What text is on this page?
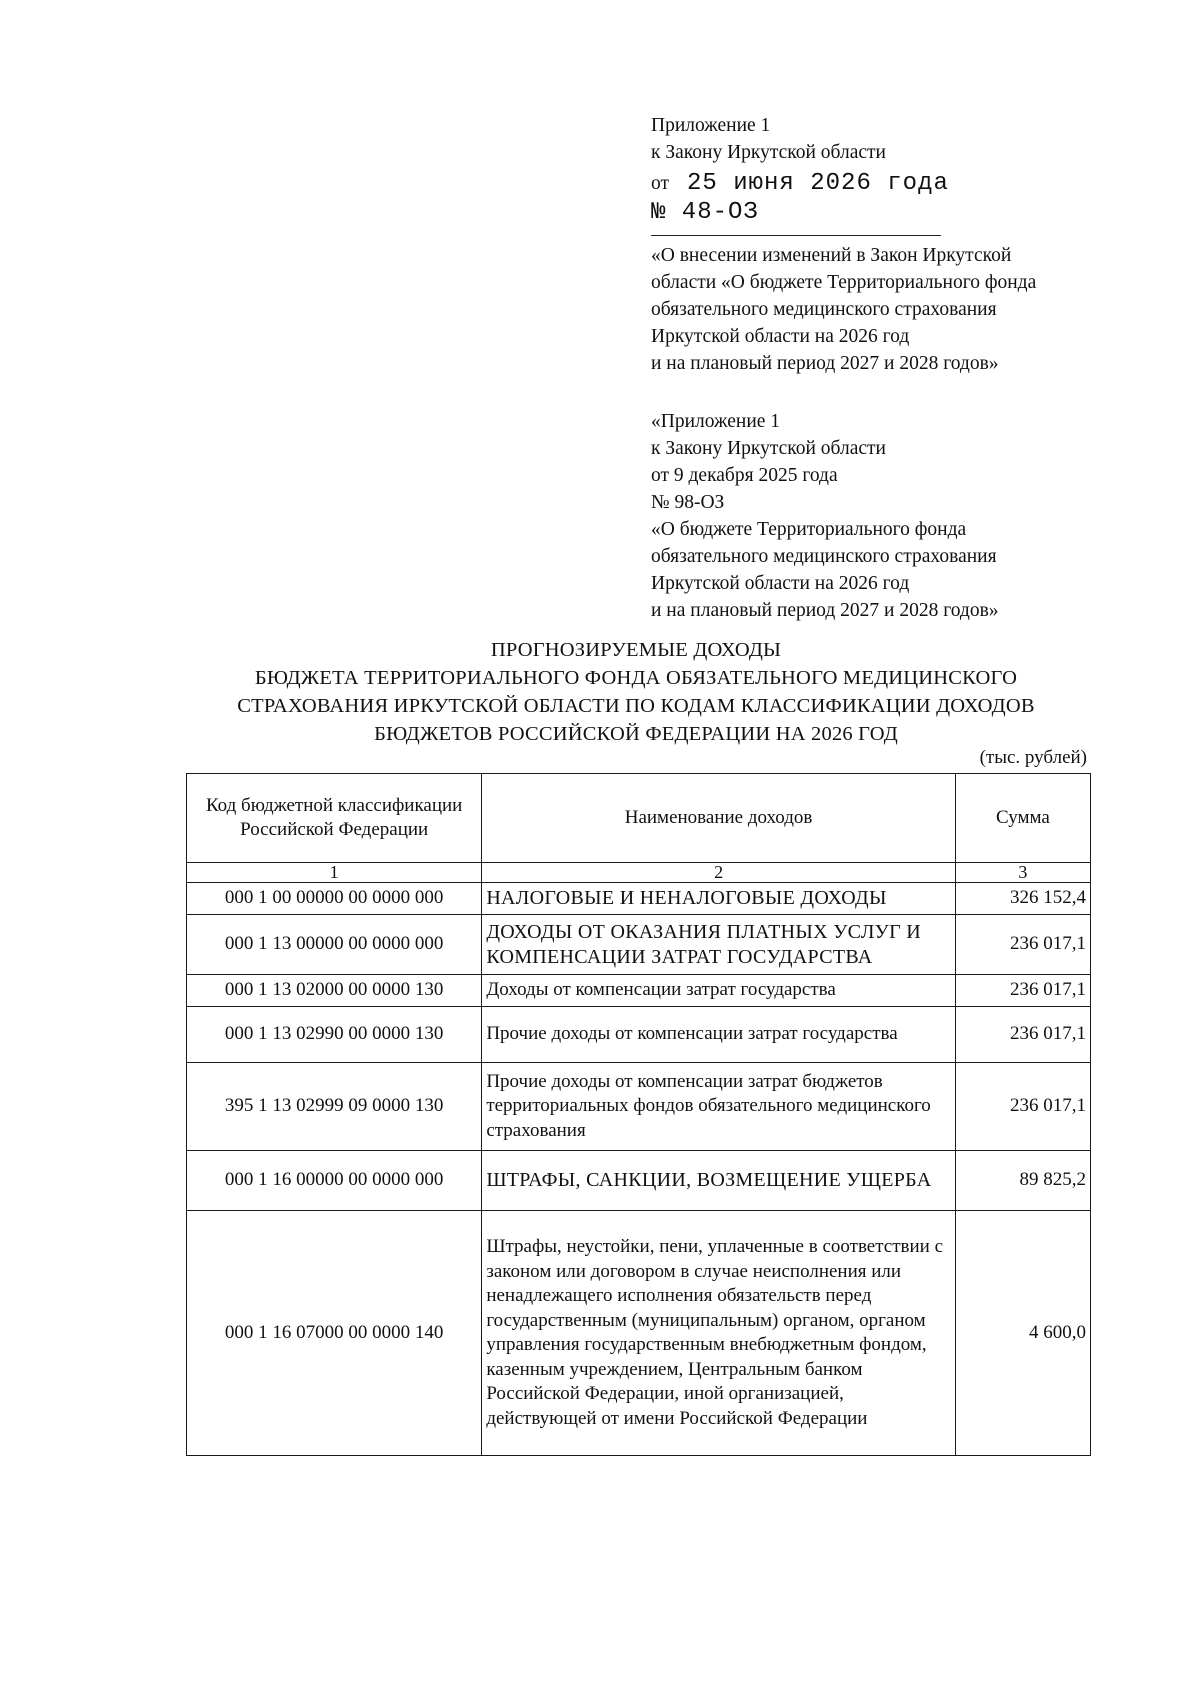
Приложение 1
к Закону Иркутской области
от 25 июня 2026 года
№ 48-ОЗ
«О внесении изменений в Закон Иркутской
области «О бюджете Территориального фонда
обязательного медицинского страхования
Иркутской области на 2026 год
и на плановый период 2027 и 2028 годов»
«Приложение 1
к Закону Иркутской области
от 9 декабря 2025 года
№ 98-ОЗ
«О бюджете Территориального фонда
обязательного медицинского страхования
Иркутской области на 2026 год
и на плановый период 2027 и 2028 годов»
ПРОГНОЗИРУЕМЫЕ ДОХОДЫ
БЮДЖЕТА ТЕРРИТОРИАЛЬНОГО ФОНДА ОБЯЗАТЕЛЬНОГО МЕДИЦИНСКОГО
СТРАХОВАНИЯ ИРКУТСКОЙ ОБЛАСТИ ПО КОДАМ КЛАССИФИКАЦИИ ДОХОДОВ
БЮДЖЕТОВ РОССИЙСКОЙ ФЕДЕРАЦИИ НА 2026 ГОД
(тыс. рублей)
Код бюджетной классификации Российской Федерации	Наименование доходов	Сумма
1	2	3
000 1 00 00000 00 0000 000	НАЛОГОВЫЕ И НЕНАЛОГОВЫЕ ДОХОДЫ	326 152,4
000 1 13 00000 00 0000 000	ДОХОДЫ ОТ ОКАЗАНИЯ ПЛАТНЫХ УСЛУГ И КОМПЕНСАЦИИ ЗАТРАТ ГОСУДАРСТВА	236 017,1
000 1 13 02000 00 0000 130	Доходы от компенсации затрат государства	236 017,1
000 1 13 02990 00 0000 130	Прочие доходы от компенсации затрат государства	236 017,1
395 1 13 02999 09 0000 130	Прочие доходы от компенсации затрат бюджетов территориальных фондов обязательного медицинского страхования	236 017,1
000 1 16 00000 00 0000 000	ШТРАФЫ, САНКЦИИ, ВОЗМЕЩЕНИЕ УЩЕРБА	89 825,2
000 1 16 07000 00 0000 140	Штрафы, неустойки, пени, уплаченные в соответствии с законом или договором в случае неисполнения или ненадлежащего исполнения обязательств перед государственным (муниципальным) органом, органом управления государственным внебюджетным фондом, казенным учреждением, Центральным банком Российской Федерации, иной организацией, действующей от имени Российской Федерации	4 600,0
